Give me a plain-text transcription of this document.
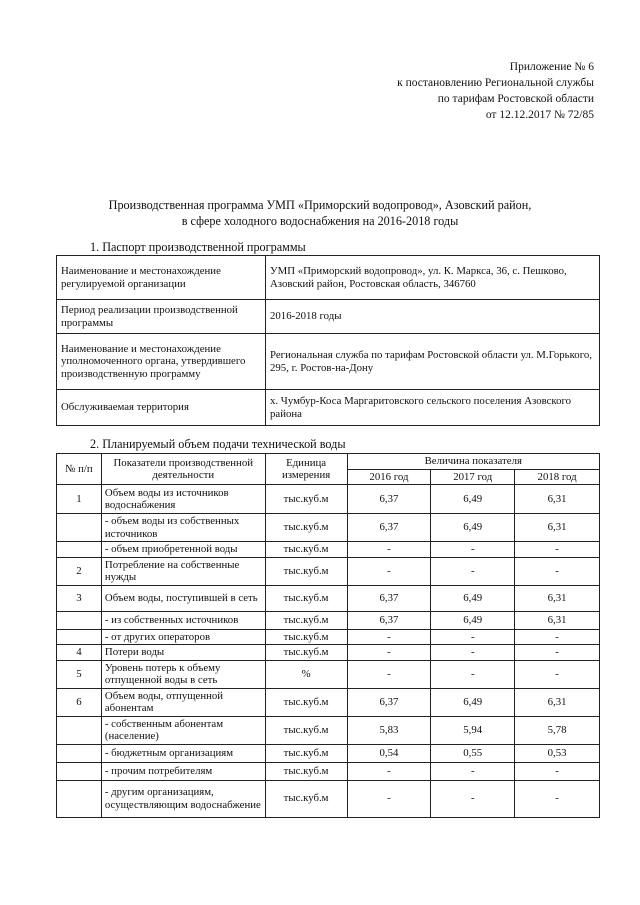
Приложение № 6
к постановлению Региональной службы
по тарифам Ростовской области
от 12.12.2017 № 72/85
Производственная программа УМП «Приморский водопровод», Азовский район,
в сфере холодного водоснабжения на 2016-2018 годы
1. Паспорт производственной программы
Наименование и местонахождение регулируемой организации	УМП «Приморский водопровод», ул. К. Маркса, 36, с. Пешково, Азовский район, Ростовская область, 346760
Период реализации производственной программы	2016-2018 годы
Наименование и местонахождение уполномоченного органа, утвердившего производственную программу	Региональная служба по тарифам Ростовской области ул. М.Горького, 295, г. Ростов-на-Дону
Обслуживаемая территория	х. Чумбур-Коса Маргаритовского сельского поселения Азовского района
2. Планируемый объем подачи технической воды
№ п/п	Показатели производственной деятельности	Единица измерения	Величина показателя		
			2016 год	2017 год	2018 год
1	Объем воды из источников водоснабжения	тыс.куб.м	6,37	6,49	6,31
	- объем воды из собственных источников	тыс.куб.м	6,37	6,49	6,31
	- объем приобретенной воды	тыс.куб.м	-	-	-
2	Потребление на собственные нужды	тыс.куб.м	-	-	-
3	Объем воды, поступившей в сеть	тыс.куб.м	6,37	6,49	6,31
	- из собственных источников	тыс.куб.м	6,37	6,49	6,31
	- от других операторов	тыс.куб.м	-	-	-
4	Потери воды	тыс.куб.м	-	-	-
5	Уровень потерь к объему отпущенной воды в сеть	%	-	-	-
6	Объем воды, отпущенной абонентам	тыс.куб.м	6,37	6,49	6,31
	- собственным абонентам (население)	тыс.куб.м	5,83	5,94	5,78
	- бюджетным организациям	тыс.куб.м	0,54	0,55	0,53
	- прочим потребителям	тыс.куб.м	-	-	-
	- другим организациям, осуществляющим водоснабжение	тыс.куб.м	-	-	-
